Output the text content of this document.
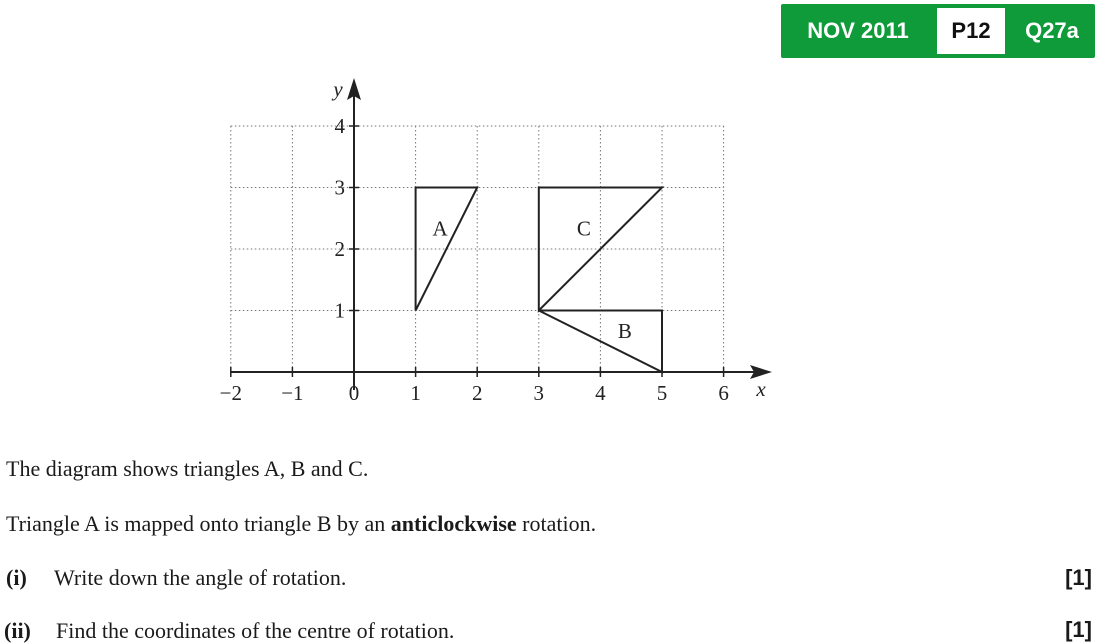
NOV 2011	P12	Q27a
−2 −1 0 1 2 3 4 5 6 x
1
2
3
4
y
A
B
C
The diagram shows triangles A, B and C.
Triangle A is mapped onto triangle B by an anticlockwise rotation.
(i) Write down the angle of rotation.	[1]
(ii) Find the coordinates of the centre of rotation.	[1]
